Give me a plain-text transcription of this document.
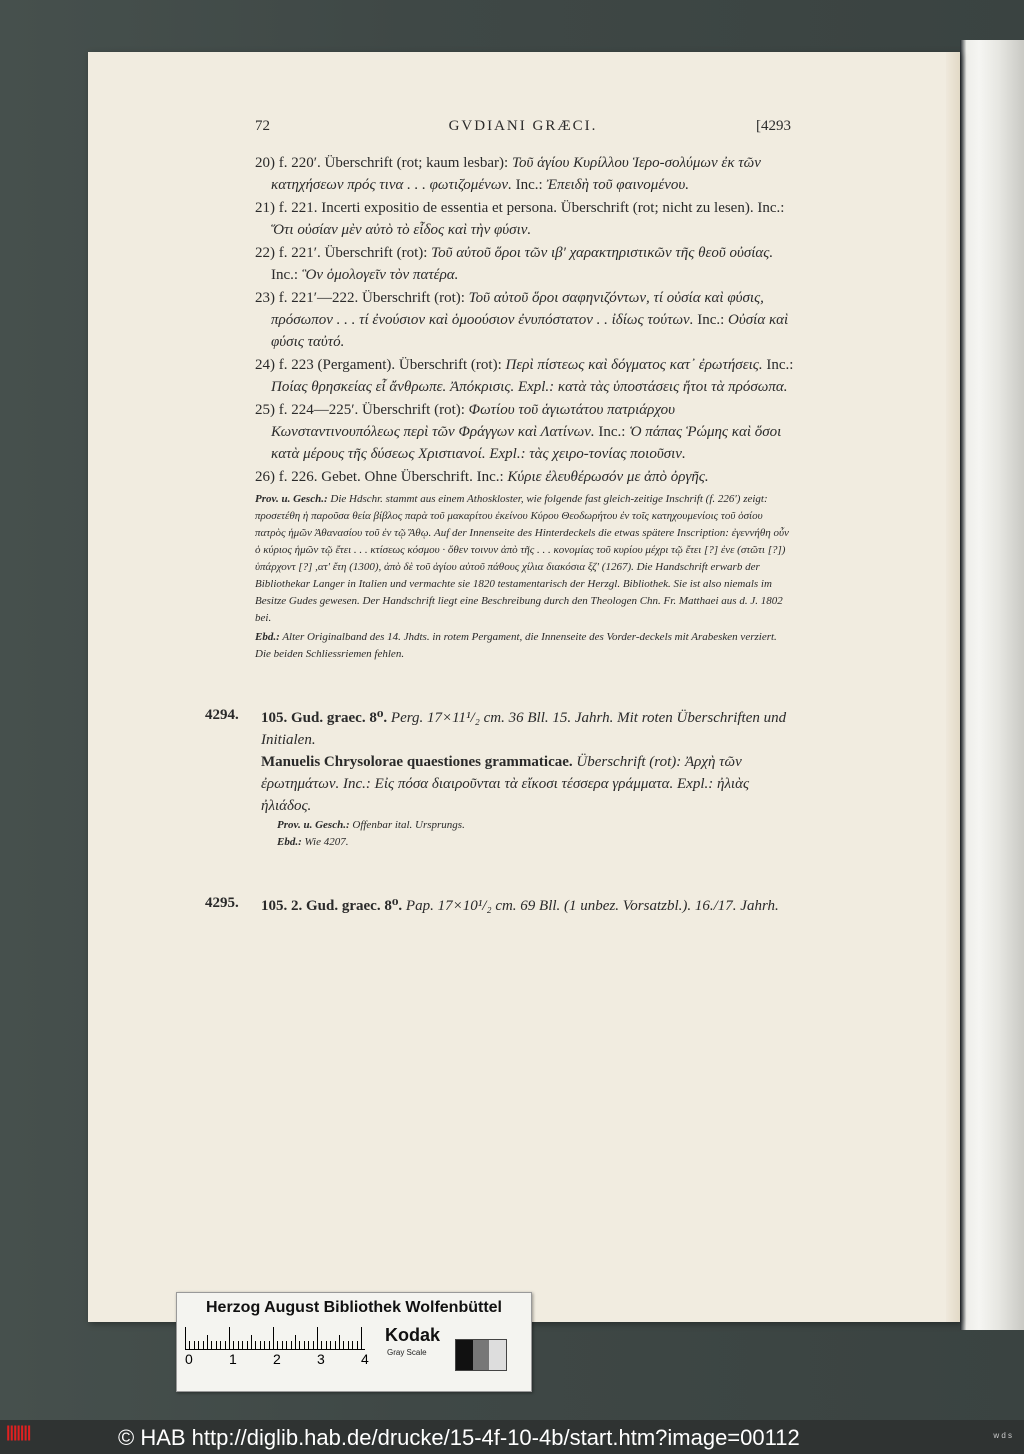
72	GVDIANI GRÆCI.	[4293

20) f. 220′. Überschrift (rot; kaum lesbar): Τοῦ ἁγίου Κυρίλλου Ἱερο-σολύμων ἐκ τῶν κατηχήσεων πρός τινα . . . φωτιζομένων. Inc.: Ἐπειδὴ τοῦ φαινομένου.

21) f. 221. Incerti expositio de essentia et persona. Überschrift (rot; nicht zu lesen). Inc.: Ὅτι οὐσίαν μὲν αὐτὸ τὸ εἶδος καὶ τὴν φύσιν.

22) f. 221′. Überschrift (rot): Τοῦ αὐτοῦ ὅροι τῶν ιβ′ χαρακτηριστικῶν τῆς θεοῦ οὐσίας. Inc.: Ὃν ὁμολογεῖν τὸν πατέρα.

23) f. 221′—222. Überschrift (rot): Τοῦ αὐτοῦ ὅροι σαφηνιζόντων, τί οὐσία καὶ φύσις, πρόσωπον . . . τί ἐνούσιον καὶ ὁμοούσιον ἐνυπόστατον . . ἰδίως τούτων. Inc.: Οὐσία καὶ φύσις ταὐτό.

24) f. 223 (Pergament). Überschrift (rot): Περὶ πίστεως καὶ δόγματος κατ᾽ ἐρωτήσεις. Inc.: Ποίας θρησκείας εἶ ἄνθρωπε. Ἀπόκρισις. Expl.: κατὰ τὰς ὑποστάσεις ἤτοι τὰ πρόσωπα.

25) f. 224—225′. Überschrift (rot): Φωτίου τοῦ ἁγιωτάτου πατριάρχου Κωνσταντινουπόλεως περὶ τῶν Φράγγων καὶ Λατίνων. Inc.: Ὁ πάπας Ῥώμης καὶ ὅσοι κατὰ μέρους τῆς δύσεως Χριστιανοί. Expl.: τὰς χειρο-τονίας ποιοῦσιν.

26) f. 226. Gebet. Ohne Überschrift. Inc.: Κύριε ἐλευθέρωσόν με ἀπὸ ὀργῆς.

Prov. u. Gesch.: Die Hdschr. stammt aus einem Athoskloster, wie folgende fast gleich-zeitige Inschrift (f. 226′) zeigt: προσετέθη ἡ παροῦσα θεία βίβλος παρὰ τοῦ μακαρίτου ἐκείνου Κύρου Θεοδωρήτου ἐν τοῖς κατηχουμενίοις τοῦ ὁσίου πατρὸς ἡμῶν Ἀθανασίου τοῦ ἐν τῷ Ἄθῳ. Auf der Innenseite des Hinterdeckels die etwas spätere Inscription: ἐγεννήθη οὖν ὁ κύριος ἡμῶν τῷ ἔτει . . . κτίσεως κόσμου · ὅθεν τοινυν ἀπὸ τῆς . . . κονομίας τοῦ κυρίου μέχρι τῷ ἔτει [?] ἐνε (στῶτι [?]) ὑπάρχοντ [?] ,ατ′ ἔτη (1300), ἀπὸ δὲ τοῦ ἁγίου αὐτοῦ πάθους χίλια διακόσια ξζ′ (1267). Die Handschrift erwarb der Bibliothekar Langer in Italien und vermachte sie 1820 testamentarisch der Herzgl. Bibliothek. Sie ist also niemals im Besitze Gudes gewesen. Der Handschrift liegt eine Beschreibung durch den Theologen Chn. Fr. Matthaei aus d. J. 1802 bei.

Ebd.: Alter Originalband des 14. Jhdts. in rotem Pergament, die Innenseite des Vorder-deckels mit Arabesken verziert. Die beiden Schliessriemen fehlen.

4294. 105. Gud. graec. 8⁰. Perg. 17×11¹/₂ cm. 36 Bll. 15. Jahrh. Mit roten Überschriften und Initialen.

Manuelis Chrysolorae quaestiones grammaticae. Überschrift (rot): Ἀρχὴ τῶν ἐρωτημάτων. Inc.: Εἰς πόσα διαιροῦνται τὰ εἴκοσι τέσσερα γράμματα. Expl.: ἠλιὰς ἠλιάδος.

Prov. u. Gesch.: Offenbar ital. Ursprungs.

Ebd.: Wie 4207.

4295. 105. 2. Gud. graec. 8⁰. Pap. 17×10¹/₂ cm. 69 Bll. (1 unbez. Vorsatzbl.). 16./17. Jahrh.

Herzog August Bibliothek Wolfenbüttel
0	1	2	3	4
Kodak
Gray Scale
|||||||	© HAB http://diglib.hab.de/drucke/15-4f-10-4b/start.htm?image=00112	w d s
